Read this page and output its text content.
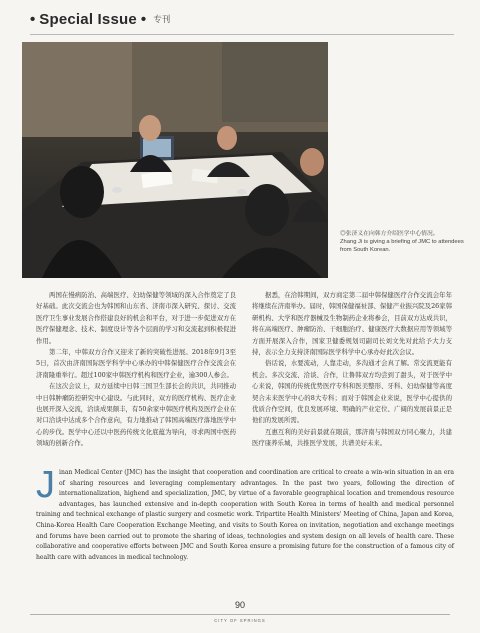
• Special Issue • 专刊

◎张济义在向韩方介绍医学中心情况。

Zhang Ji is giving a briefing of JMC to attendees from South Korean.

两国在慢病防治、高端医疗、妇幼保健等领域的深入合作奠定了良好基础。此次交流会也为韩国和山东省、济南市深入研究、探讨、交流医疗卫生事业发展合作搭建良好的机会和平台，对于进一步促进双方在医疗保健理念、技术、制度设计等各个层面的学习和交流起到积极促进作用。

第二年，中韩双方合作又迎来了新的突破性进展。2018年9月3至5日，首次由济南国际医学科学中心承办的中韩保健医疗合作交流会在济南隆重举行。超过100家中韩医疗机构和医疗企业，逾300人参会。

在这次会议上，双方延续中日韩三国卫生部长会的共识，共同推动中日韩肿瘤防控研究中心建设。与此同时，双方的医疗机构、医疗企业也展开深入交流，洽谈成果颇丰，有50余家中韩医疗机构及医疗企业在对口洽谈中达成多个合作意向，有力地推动了韩国高端医疗落地医学中心的步伐。医学中心还以中医药传统文化底蕴为导向，寻求两国中医药领域的创新合作。

据悉，在洽韩期间，双方商定第二届中韩保健医疗合作交流会年年将继续在济南举办。届时，韩国保健福祉部、保健产业振兴院及26家韩研机构、大学和医疗器械及生物制药企业将参会，目前双方达成共识，将在高端医疗、肿瘤防治、干细胞治疗、健康医疗大数据应用等领域等方面开展深入合作，国家卫健委规划司副司长刘文先对此给予大力支持，表示全力支持济南国际医学科学中心承办好此次会议。

俗话说，水要流动，人靠走动，多沟通才会真了解。常交流更能有机会。多次交流、洽谈、合作，让鲁韩双方均尝到了甜头，对于医学中心来说，韩国的传统优势医疗专科和医美整形、牙科、妇幼保健等高度契合未来医学中心的8大专科；而对于韩国企业来说，医学中心提供的优质合作空间，优良发展环境、明确的产业定位、广阔的发展前景正是他们的发展所需。

互惠互利的美好前景就在眼前，那济南与韩国双方同心聚力，共建医疗康养乐城，共推医学发展，共谱美好未来。

J inan Medical Center (JMC) has the insight that cooperation and coordination are critical to create a win-win situation in an era of sharing resources and leveraging complementary advantages. In the past two years, following the direction of internationalization, highend and specialization, JMC, by virtue of a favorable geographical location and tremendous resource advantages, has launched extensive and in-depth cooperation with South Korea in terms of health and medical personnel training and technical exchange of plastic surgery and cosmetic work. Tripartite Health Ministers' Meeting of China, Japan and Korea, China-Korea Health Care Cooperation Exchange Meeting, and visits to South Korea on invitation, negotiation and exchange meetings and forums have been carried out to promote the sharing of ideas, technologies and system design on all levels of health care. These collaborative and cooperative efforts between JMC and South Korea ensure a promising future for the construction of a famous city of health care with advances in medical technology.
90
CITY OF SPRINGS
